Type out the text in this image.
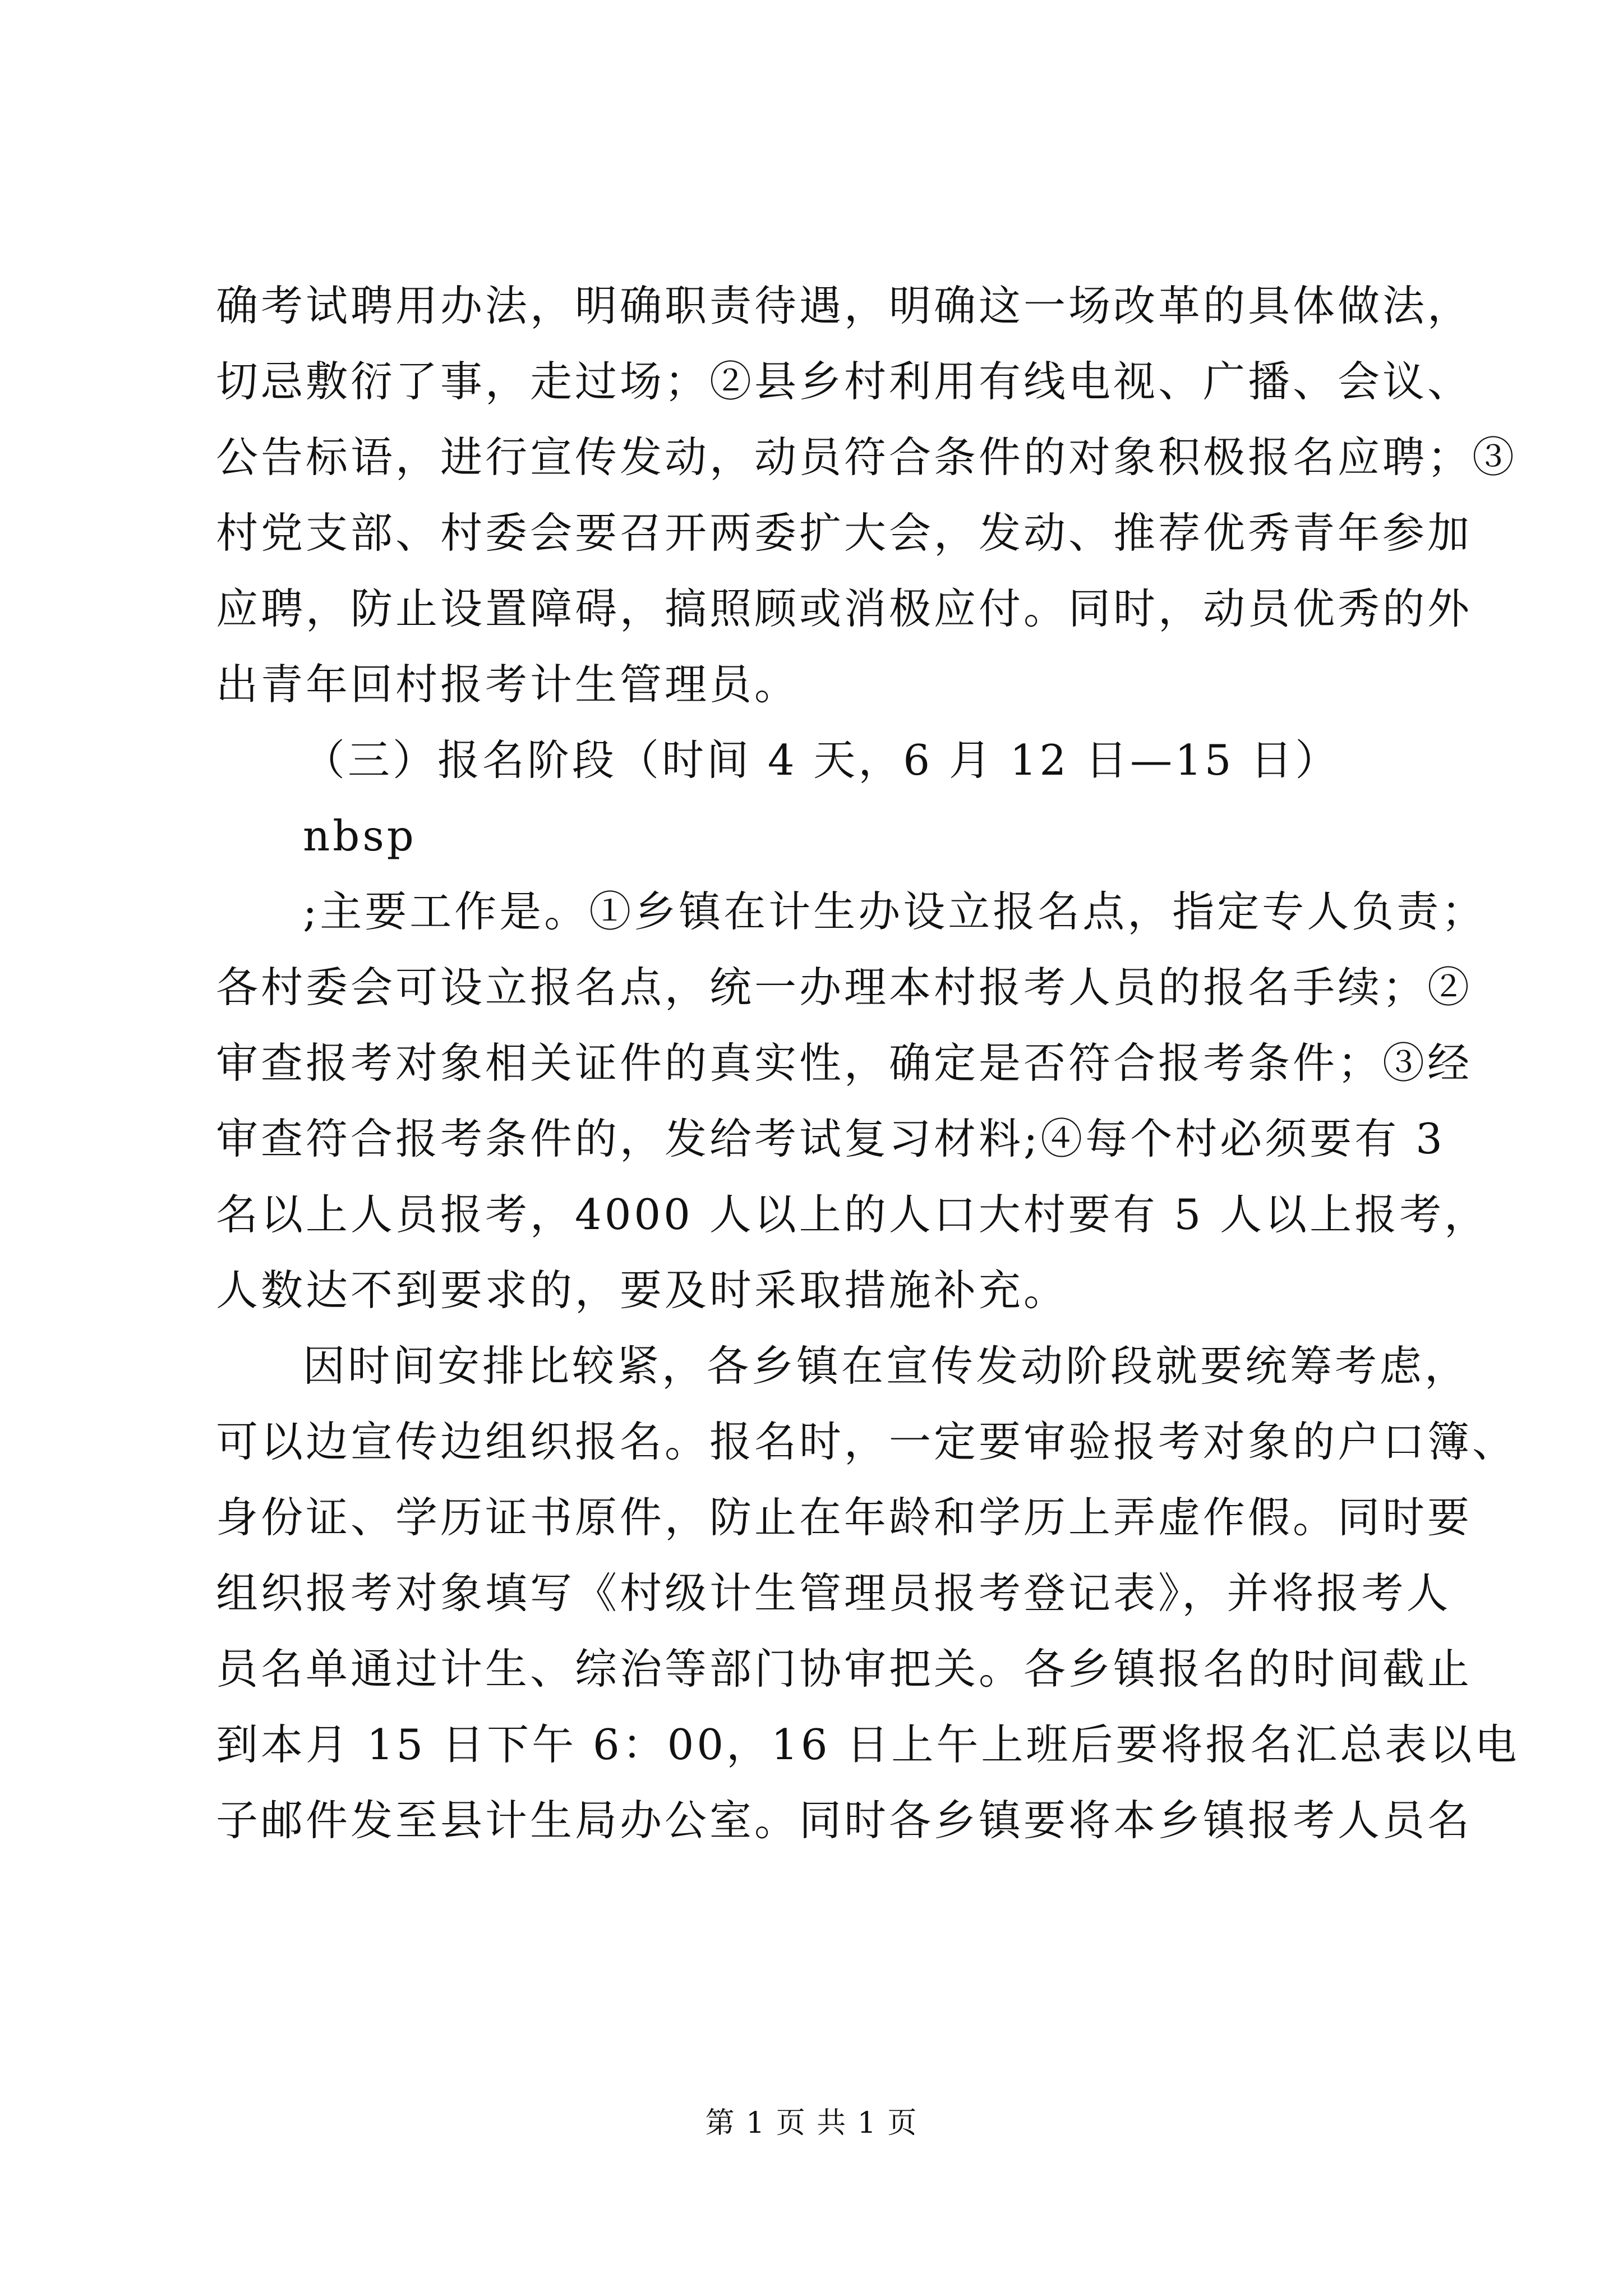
确考试聘用办法，明确职责待遇，明确这一场改革的具体做法，
切忌敷衍了事，走过场；②县乡村利用有线电视、广播、会议、
公告标语，进行宣传发动，动员符合条件的对象积极报名应聘；③
村党支部、村委会要召开两委扩大会，发动、推荐优秀青年参加
应聘，防止设置障碍，搞照顾或消极应付。同时，动员优秀的外
出青年回村报考计生管理员。
（三）报名阶段（时间 4 天，6 月 12 日—15 日）
nbsp
;主要工作是。①乡镇在计生办设立报名点，指定专人负责；
各村委会可设立报名点，统一办理本村报考人员的报名手续；②
审查报考对象相关证件的真实性，确定是否符合报考条件；③经
审查符合报考条件的，发给考试复习材料;④每个村必须要有 3
名以上人员报考，4000 人以上的人口大村要有 5 人以上报考，
人数达不到要求的，要及时采取措施补充。
因时间安排比较紧，各乡镇在宣传发动阶段就要统筹考虑，
可以边宣传边组织报名。报名时，一定要审验报考对象的户口簿、
身份证、学历证书原件，防止在年龄和学历上弄虚作假。同时要
组织报考对象填写《村级计生管理员报考登记表》，并将报考人
员名单通过计生、综治等部门协审把关。各乡镇报名的时间截止
到本月 15 日下午 6：00，16 日上午上班后要将报名汇总表以电
子邮件发至县计生局办公室。同时各乡镇要将本乡镇报考人员名
第 1 页 共 1 页
